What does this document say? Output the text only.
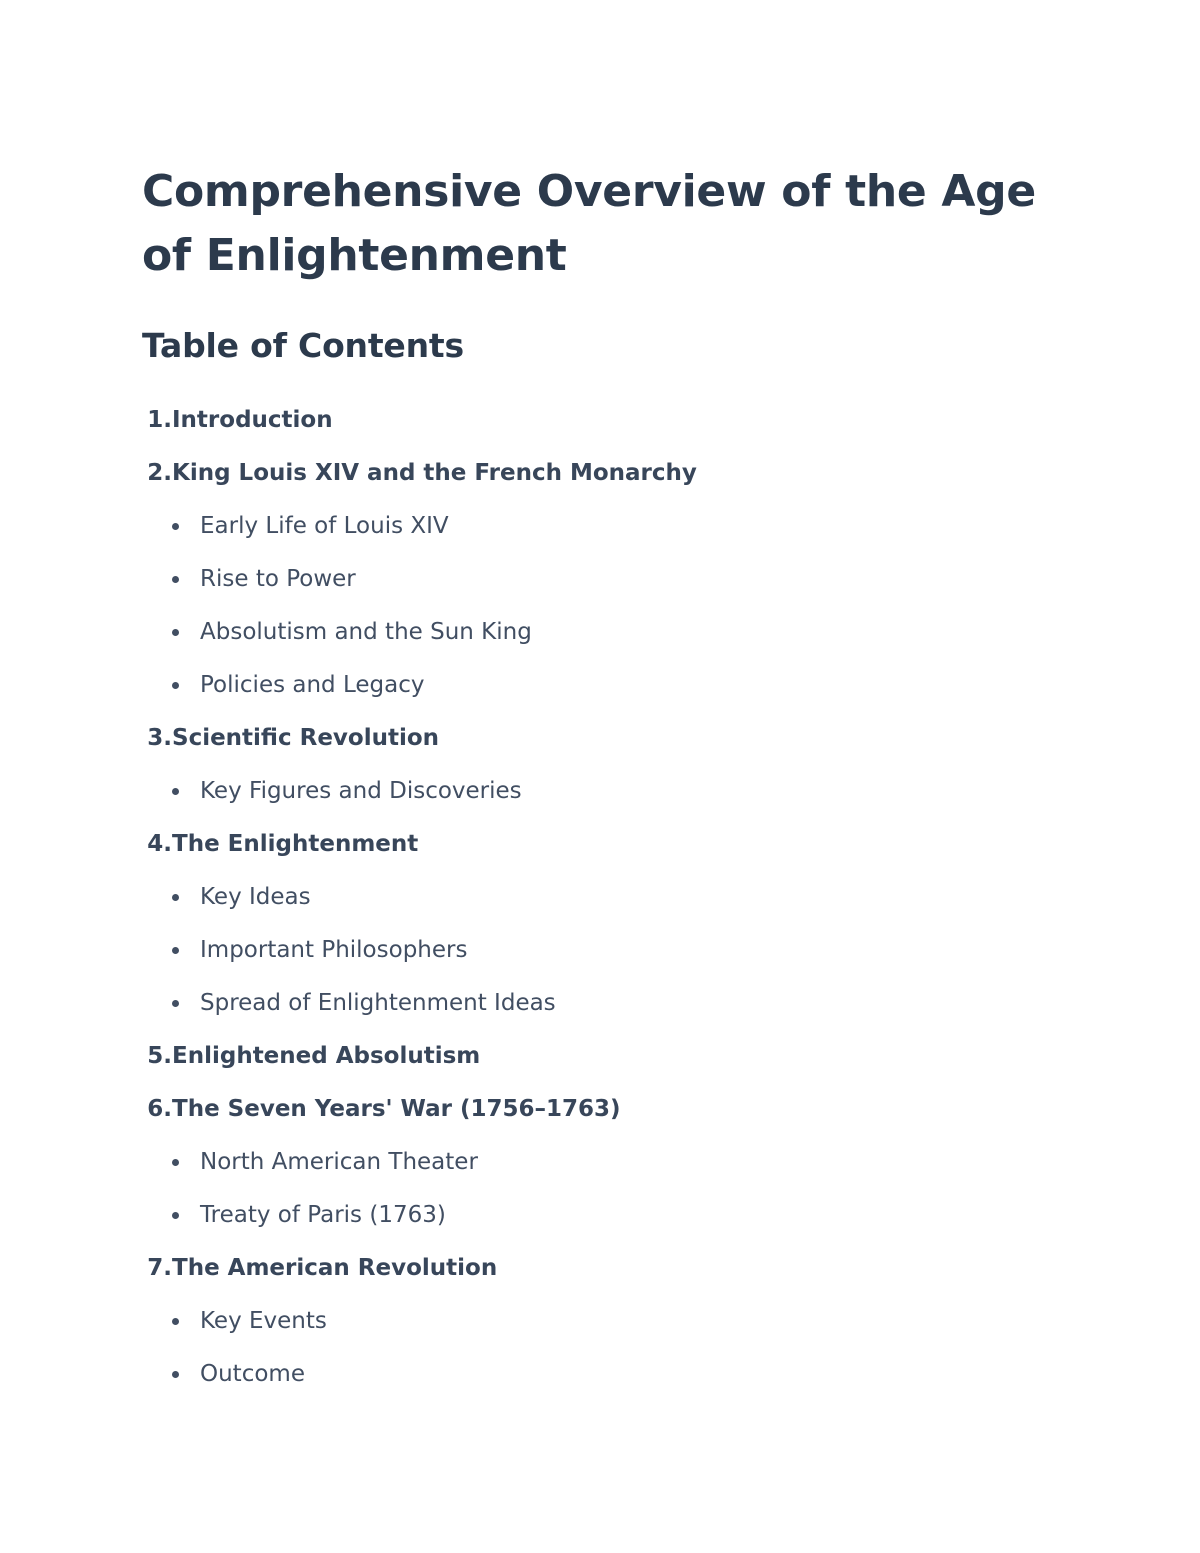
Comprehensive Overview of the Age of Enlightenment
Table of Contents
1. Introduction
2. King Louis XIV and the French Monarchy
Early Life of Louis XIV
Rise to Power
Absolutism and the Sun King
Policies and Legacy
3. Scientific Revolution
Key Figures and Discoveries
4. The Enlightenment
Key Ideas
Important Philosophers
Spread of Enlightenment Ideas
5. Enlightened Absolutism
6. The Seven Years' War (1756–1763)
North American Theater
Treaty of Paris (1763)
7. The American Revolution
Key Events
Outcome
